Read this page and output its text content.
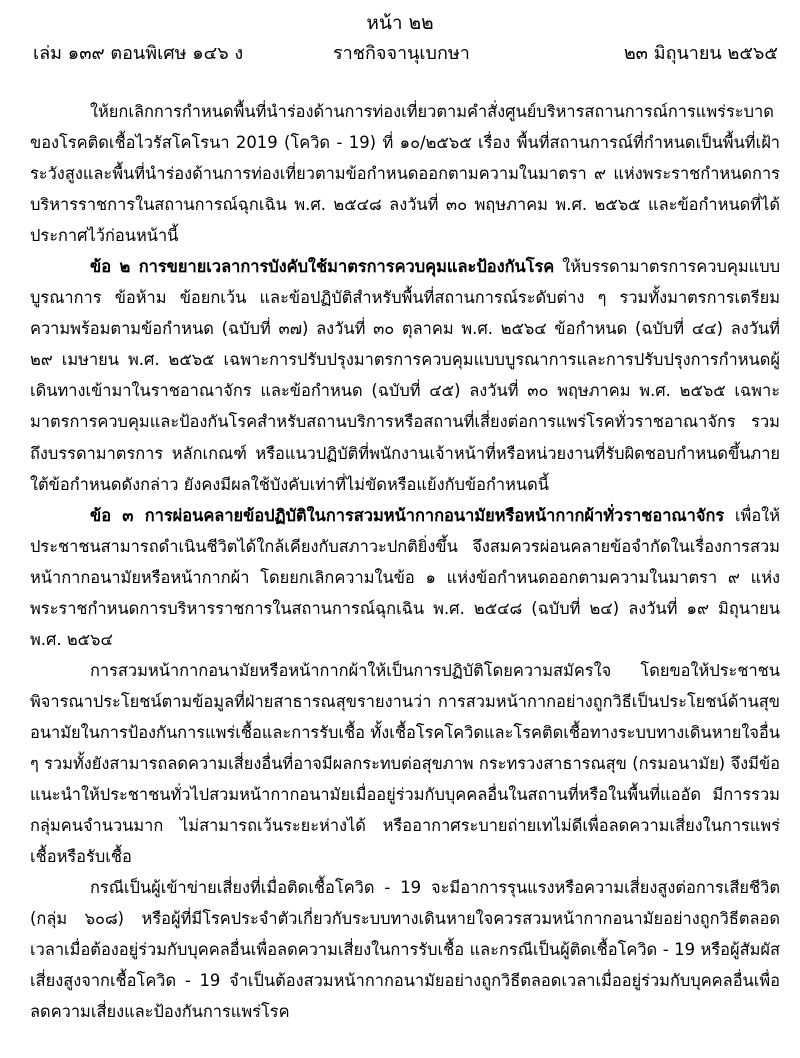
หน้า ๒๒
เล่ม ๑๓๙ ตอนพิเศษ ๑๔๖ ง	ราชกิจจานุเบกษา	๒๓ มิถุนายน ๒๕๖๕

ให้ยกเลิกการกำหนดพื้นที่นำร่องด้านการท่องเที่ยวตามคำสั่งศูนย์บริหารสถานการณ์การแพร่ระบาดของโรคติดเชื้อไวรัสโคโรนา 2019 (โควิด - 19) ที่ ๑๐/๒๕๖๕ เรื่อง พื้นที่สถานการณ์ที่กำหนดเป็นพื้นที่เฝ้าระวังสูงและพื้นที่นำร่องด้านการท่องเที่ยวตามข้อกำหนดออกตามความในมาตรา ๙ แห่งพระราชกำหนดการบริหารราชการในสถานการณ์ฉุกเฉิน พ.ศ. ๒๕๔๘ ลงวันที่ ๓๐ พฤษภาคม พ.ศ. ๒๕๖๕ และข้อกำหนดที่ได้ประกาศไว้ก่อนหน้านี้

ข้อ ๒ การขยายเวลาการบังคับใช้มาตรการควบคุมและป้องกันโรค ให้บรรดามาตรการควบคุมแบบบูรณาการ ข้อห้าม ข้อยกเว้น และข้อปฏิบัติสำหรับพื้นที่สถานการณ์ระดับต่าง ๆ รวมทั้งมาตรการเตรียมความพร้อมตามข้อกำหนด (ฉบับที่ ๓๗) ลงวันที่ ๓๐ ตุลาคม พ.ศ. ๒๕๖๔ ข้อกำหนด (ฉบับที่ ๔๔) ลงวันที่ ๒๙ เมษายน พ.ศ. ๒๕๖๕ เฉพาะการปรับปรุงมาตรการควบคุมแบบบูรณาการและการปรับปรุงการกำหนดผู้เดินทางเข้ามาในราชอาณาจักร และข้อกำหนด (ฉบับที่ ๔๕) ลงวันที่ ๓๐ พฤษภาคม พ.ศ. ๒๕๖๕ เฉพาะมาตรการควบคุมและป้องกันโรคสำหรับสถานบริการหรือสถานที่เสี่ยงต่อการแพร่โรคทั่วราชอาณาจักร รวมถึงบรรดามาตรการ หลักเกณฑ์ หรือแนวปฏิบัติที่พนักงานเจ้าหน้าที่หรือหน่วยงานที่รับผิดชอบกำหนดขึ้นภายใต้ข้อกำหนดดังกล่าว ยังคงมีผลใช้บังคับเท่าที่ไม่ขัดหรือแย้งกับข้อกำหนดนี้

ข้อ ๓ การผ่อนคลายข้อปฏิบัติในการสวมหน้ากากอนามัยหรือหน้ากากผ้าทั่วราชอาณาจักร เพื่อให้ประชาชนสามารถดำเนินชีวิตได้ใกล้เคียงกับสภาวะปกติยิ่งขึ้น จึงสมควรผ่อนคลายข้อจำกัดในเรื่องการสวมหน้ากากอนามัยหรือหน้ากากผ้า โดยยกเลิกความในข้อ ๑ แห่งข้อกำหนดออกตามความในมาตรา ๙ แห่งพระราชกำหนดการบริหารราชการในสถานการณ์ฉุกเฉิน พ.ศ. ๒๕๔๘ (ฉบับที่ ๒๔) ลงวันที่ ๑๙ มิถุนายน พ.ศ. ๒๕๖๔

การสวมหน้ากากอนามัยหรือหน้ากากผ้าให้เป็นการปฏิบัติโดยความสมัครใจ โดยขอให้ประชาชนพิจารณาประโยชน์ตามข้อมูลที่ฝ่ายสาธารณสุขรายงานว่า การสวมหน้ากากอย่างถูกวิธีเป็นประโยชน์ด้านสุขอนามัยในการป้องกันการแพร่เชื้อและการรับเชื้อ ทั้งเชื้อโรคโควิดและโรคติดเชื้อทางระบบทางเดินหายใจอื่น ๆ รวมทั้งยังสามารถลดความเสี่ยงอื่นที่อาจมีผลกระทบต่อสุขภาพ กระทรวงสาธารณสุข (กรมอนามัย) จึงมีข้อแนะนำให้ประชาชนทั่วไปสวมหน้ากากอนามัยเมื่ออยู่ร่วมกับบุคคลอื่นในสถานที่หรือในพื้นที่แออัด มีการรวมกลุ่มคนจำนวนมาก ไม่สามารถเว้นระยะห่างได้ หรืออากาศระบายถ่ายเทไม่ดีเพื่อลดความเสี่ยงในการแพร่เชื้อหรือรับเชื้อ

กรณีเป็นผู้เข้าข่ายเสี่ยงที่เมื่อติดเชื้อโควิด - 19 จะมีอาการรุนแรงหรือความเสี่ยงสูงต่อการเสียชีวิต (กลุ่ม ๖๐๘) หรือผู้ที่มีโรคประจำตัวเกี่ยวกับระบบทางเดินหายใจควรสวมหน้ากากอนามัยอย่างถูกวิธีตลอดเวลาเมื่อต้องอยู่ร่วมกับบุคคลอื่นเพื่อลดความเสี่ยงในการรับเชื้อ และกรณีเป็นผู้ติดเชื้อโควิด - 19 หรือผู้สัมผัสเสี่ยงสูงจากเชื้อโควิด - 19 จำเป็นต้องสวมหน้ากากอนามัยอย่างถูกวิธีตลอดเวลาเมื่ออยู่ร่วมกับบุคคลอื่นเพื่อลดความเสี่ยงและป้องกันการแพร่โรค
